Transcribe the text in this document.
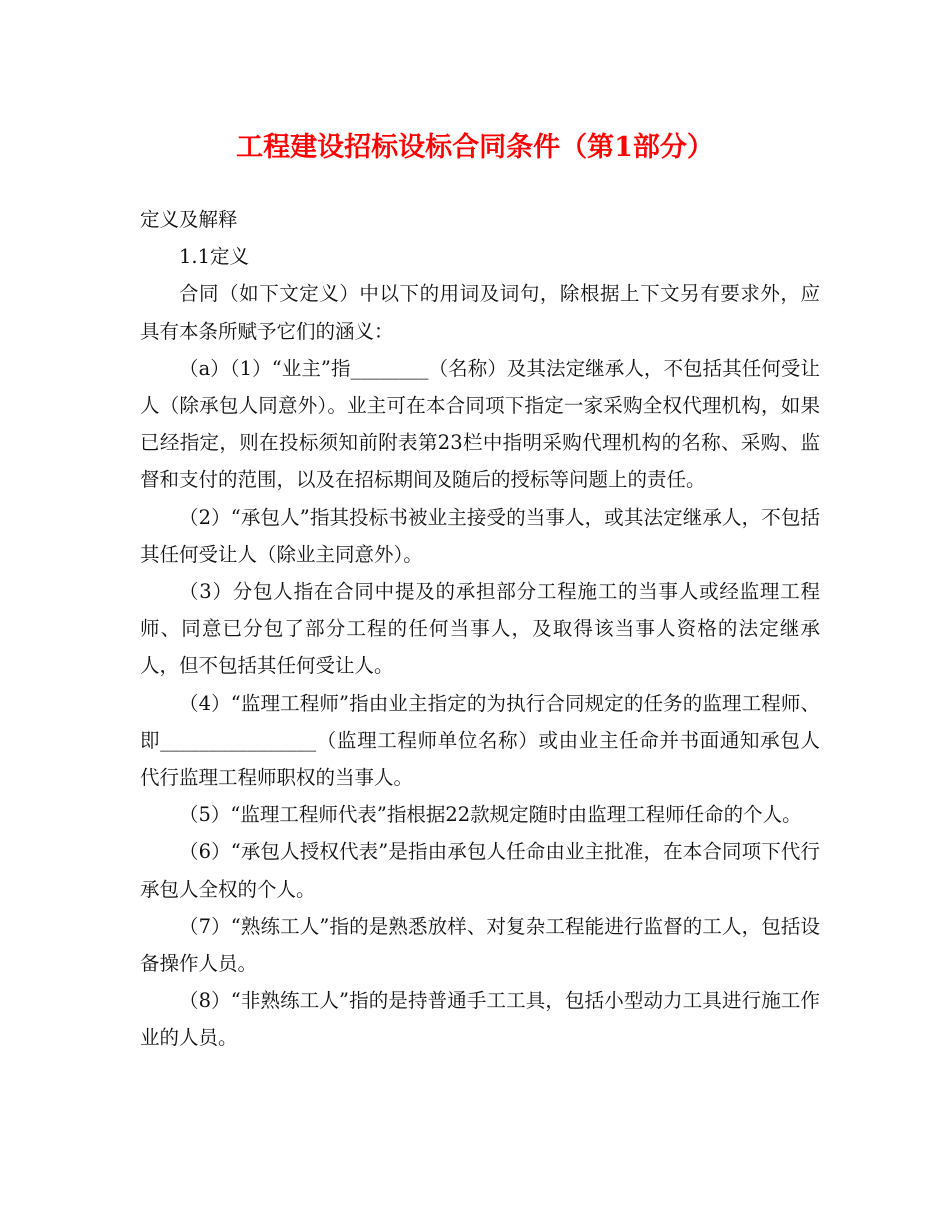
工程建设招标设标合同条件（第1部分）

定义及解释

1.1定义

合同（如下文定义）中以下的用词及词句，除根据上下文另有要求外，应具有本条所赋予它们的涵义：

（a）（1）“业主”指________（名称）及其法定继承人，不包括其任何受让人（除承包人同意外）。业主可在本合同项下指定一家采购全权代理机构，如果已经指定，则在投标须知前附表第23栏中指明采购代理机构的名称、采购、监督和支付的范围，以及在招标期间及随后的授标等问题上的责任。

（2）“承包人”指其投标书被业主接受的当事人，或其法定继承人，不包括其任何受让人（除业主同意外）。

（3）分包人指在合同中提及的承担部分工程施工的当事人或经监理工程师、同意已分包了部分工程的任何当事人，及取得该当事人资格的法定继承人，但不包括其任何受让人。

（4）“监理工程师”指由业主指定的为执行合同规定的任务的监理工程师、即________________（监理工程师单位名称）或由业主任命并书面通知承包人代行监理工程师职权的当事人。

（5）“监理工程师代表”指根据22款规定随时由监理工程师任命的个人。

（6）“承包人授权代表”是指由承包人任命由业主批准，在本合同项下代行承包人全权的个人。

（7）“熟练工人”指的是熟悉放样、对复杂工程能进行监督的工人，包括设备操作人员。

（8）“非熟练工人”指的是持普通手工工具，包括小型动力工具进行施工作业的人员。
